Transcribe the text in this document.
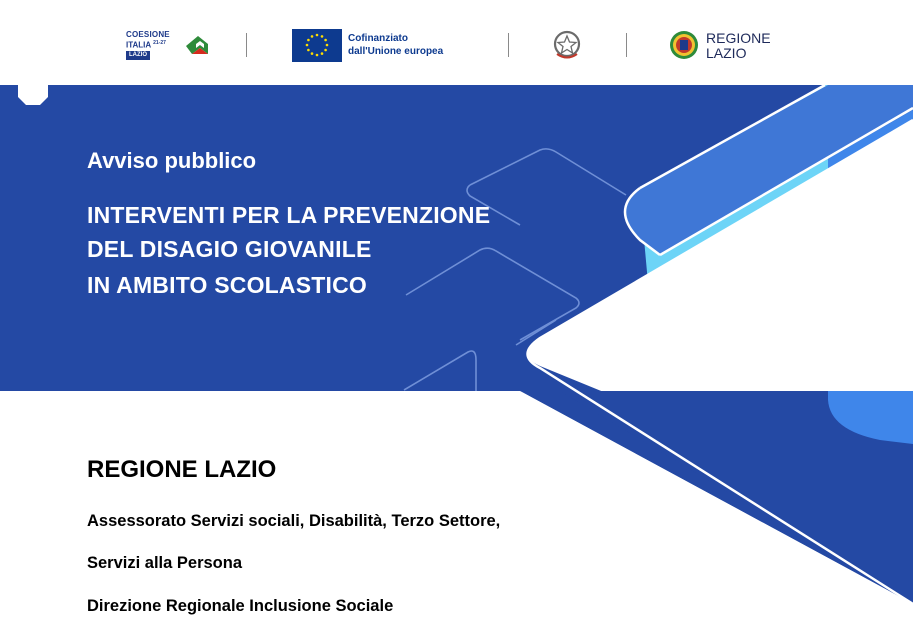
COESIONE
ITALIA $^{21-27}$
LAZIO
Cofinanziato
dall'Unione europea
REGIONE
LAZIO
Avviso pubblico
INTERVENTI PER LA PREVENZIONE
DEL DISAGIO GIOVANILE
IN AMBITO SCOLASTICO
REGIONE LAZIO
Assessorato Servizi sociali, Disabilità, Terzo Settore,
Servizi alla Persona
Direzione Regionale Inclusione Sociale
